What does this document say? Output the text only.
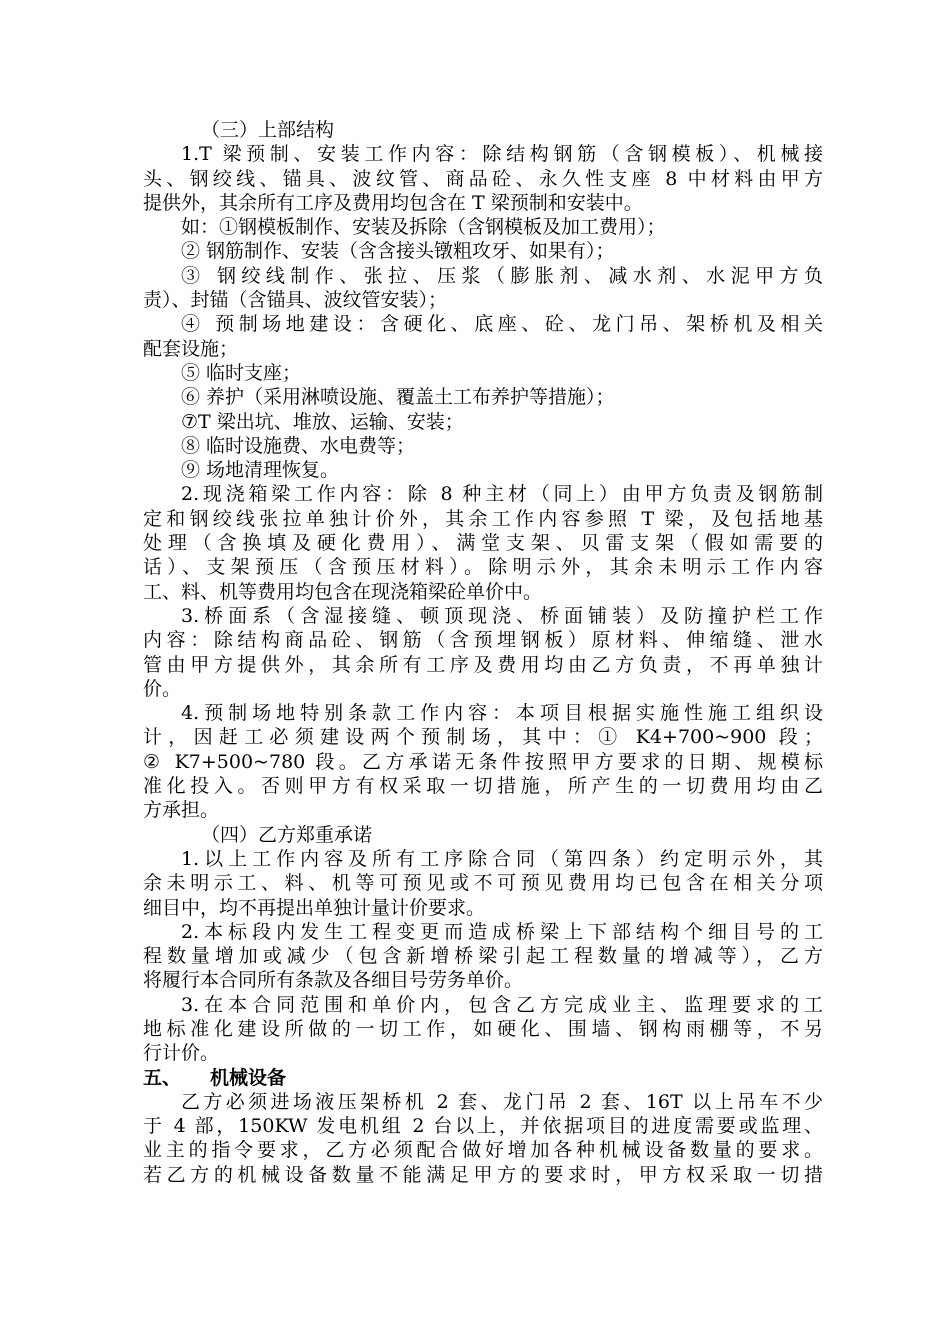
（三）上部结构
1.T 梁预制、安装工作内容：除结构钢筋（含钢模板）、机械接
头、钢绞线、锚具、波纹管、商品砼、永久性支座 8 中材料由甲方
提供外，其余所有工序及费用均包含在 T 梁预制和安装中。
如：①钢模板制作、安装及拆除（含钢模板及加工费用）；
② 钢筋制作、安装（含含接头镦粗攻牙、如果有）；
③ 钢绞线制作、张拉、压浆（膨胀剂、减水剂、水泥甲方负
责）、封锚（含锚具、波纹管安装）；
④ 预制场地建设：含硬化、底座、砼、龙门吊、架桥机及相关
配套设施；
⑤ 临时支座；
⑥ 养护（采用淋喷设施、覆盖土工布养护等措施）；
⑦T 梁出坑、堆放、运输、安装；
⑧ 临时设施费、水电费等；
⑨ 场地清理恢复。
2.现浇箱梁工作内容：除 8 种主材（同上）由甲方负责及钢筋制
定和钢绞线张拉单独计价外，其余工作内容参照 T 梁，及包括地基
处理（含换填及硬化费用）、满堂支架、贝雷支架（假如需要的
话）、支架预压（含预压材料）。除明示外，其余未明示工作内容
工、料、机等费用均包含在现浇箱梁砼单价中。
3.桥面系（含湿接缝、顿顶现浇、桥面铺装）及防撞护栏工作
内容：除结构商品砼、钢筋（含预埋钢板）原材料、伸缩缝、泄水
管由甲方提供外，其余所有工序及费用均由乙方负责，不再单独计
价。
4.预制场地特别条款工作内容：本项目根据实施性施工组织设
计，因赶工必须建设两个预制场，其中：① K4+700~900 段；
② K7+500~780 段。乙方承诺无条件按照甲方要求的日期、规模标
准化投入。否则甲方有权采取一切措施，所产生的一切费用均由乙
方承担。
（四）乙方郑重承诺
1.以上工作内容及所有工序除合同（第四条）约定明示外，其
余未明示工、料、机等可预见或不可预见费用均已包含在相关分项
细目中，均不再提出单独计量计价要求。
2.本标段内发生工程变更而造成桥梁上下部结构个细目号的工
程数量增加或减少（包含新增桥梁引起工程数量的增减等），乙方
将履行本合同所有条款及各细目号劳务单价。
3.在本合同范围和单价内，包含乙方完成业主、监理要求的工
地标准化建设所做的一切工作，如硬化、围墙、钢构雨棚等，不另
行计价。
五、 机械设备
乙方必须进场液压架桥机 2 套、龙门吊 2 套、16T 以上吊车不少
于 4 部，150KW 发电机组 2 台以上，并依据项目的进度需要或监理、
业主的指令要求，乙方必须配合做好增加各种机械设备数量的要求。
若乙方的机械设备数量不能满足甲方的要求时，甲方权采取一切措
